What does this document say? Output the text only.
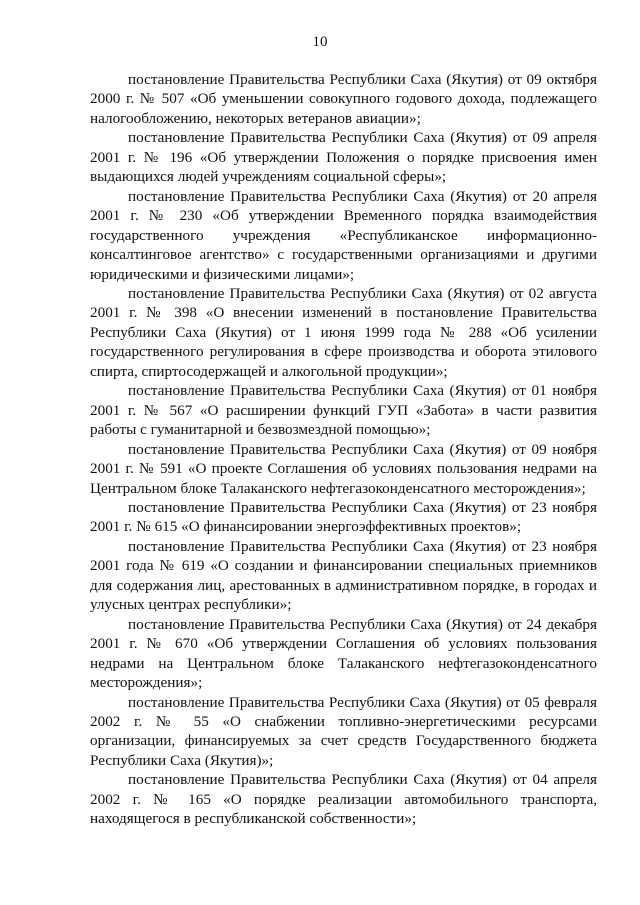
10

постановление Правительства Республики Саха (Якутия) от 09 октября 2000 г. № 507 «Об уменьшении совокупного годового дохода, подлежащего налогообложению, некоторых ветеранов авиации»;

постановление Правительства Республики Саха (Якутия) от 09 апреля 2001 г. № 196 «Об утверждении Положения о порядке присвоения имен выдающихся людей учреждениям социальной сферы»;

постановление Правительства Республики Саха (Якутия) от 20 апреля 2001 г. № 230 «Об утверждении Временного порядка взаимодействия государственного учреждения «Республиканское информационно-консалтинговое агентство» с государственными организациями и другими юридическими и физическими лицами»;

постановление Правительства Республики Саха (Якутия) от 02 августа 2001 г. № 398 «О внесении изменений в постановление Правительства Республики Саха (Якутия) от 1 июня 1999 года № 288 «Об усилении государственного регулирования в сфере производства и оборота этилового спирта, спиртосодержащей и алкогольной продукции»;

постановление Правительства Республики Саха (Якутия) от 01 ноября 2001 г. № 567 «О расширении функций ГУП «Забота» в части развития работы с гуманитарной и безвозмездной помощью»;

постановление Правительства Республики Саха (Якутия) от 09 ноября 2001 г. № 591 «О проекте Соглашения об условиях пользования недрами на Центральном блоке Талаканского нефтегазоконденсатного месторождения»;

постановление Правительства Республики Саха (Якутия) от 23 ноября 2001 г. № 615 «О финансировании энергоэффективных проектов»;

постановление Правительства Республики Саха (Якутия) от 23 ноября 2001 года № 619 «О создании и финансировании специальных приемников для содержания лиц, арестованных в административном порядке, в городах и улусных центрах республики»;

постановление Правительства Республики Саха (Якутия) от 24 декабря 2001 г. № 670 «Об утверждении Соглашения об условиях пользования недрами на Центральном блоке Талаканского нефтегазоконденсатного месторождения»;

постановление Правительства Республики Саха (Якутия) от 05 февраля 2002 г. № 55 «О снабжении топливно-энергетическими ресурсами организации, финансируемых за счет средств Государственного бюджета Республики Саха (Якутия)»;

постановление Правительства Республики Саха (Якутия) от 04 апреля 2002 г. № 165 «О порядке реализации автомобильного транспорта, находящегося в республиканской собственности»;
